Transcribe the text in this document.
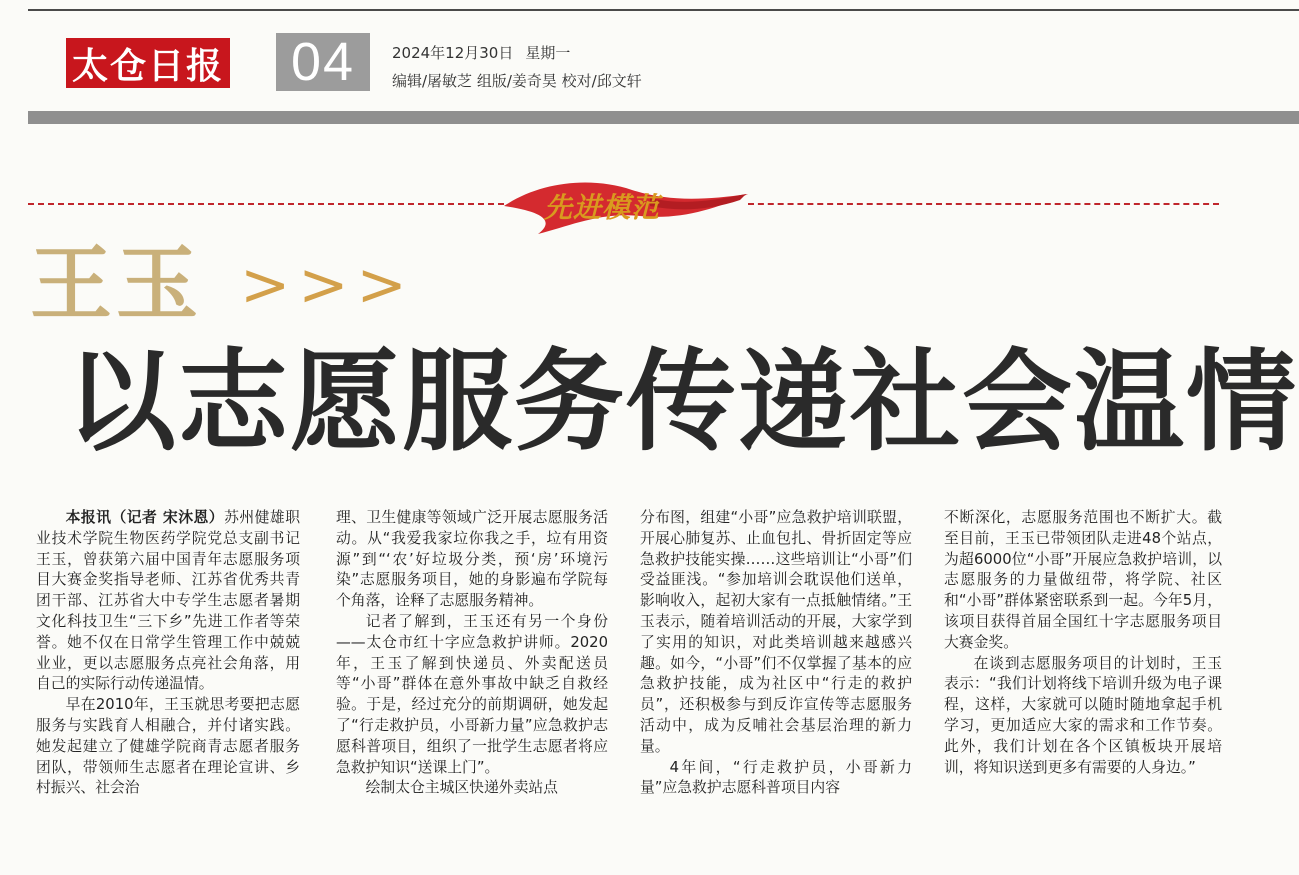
太仓日报 04	2024年12月30日 星期一
编辑/屠敏芝 组版/姜奇昊 校对/邱文轩
先进模范
王玉 >>>
以志愿服务传递社会温情

本报讯（记者 宋沐恩）苏州健雄职业技术学院生物医药学院党总支副书记王玉，曾获第六届中国青年志愿服务项目大赛金奖指导老师、江苏省优秀共青团干部、江苏省大中专学生志愿者暑期文化科技卫生“三下乡”先进工作者等荣誉。她不仅在日常学生管理工作中兢兢业业，更以志愿服务点亮社会角落，用自己的实际行动传递温情。

早在2010年，王玉就思考要把志愿服务与实践育人相融合，并付诸实践。她发起建立了健雄学院商青志愿者服务团队，带领师生志愿者在理论宣讲、乡村振兴、社会治

理、卫生健康等领域广泛开展志愿服务活动。从“我爱我家垃你我之手，垃有用资源”到“‘农’好垃圾分类，预‘房’环境污染”志愿服务项目，她的身影遍布学院每个角落，诠释了志愿服务精神。

记者了解到，王玉还有另一个身份——太仓市红十字应急救护讲师。2020年，王玉了解到快递员、外卖配送员等“小哥”群体在意外事故中缺乏自救经验。于是，经过充分的前期调研，她发起了“行走救护员，小哥新力量”应急救护志愿科普项目，组织了一批学生志愿者将应急救护知识“送课上门”。

绘制太仓主城区快递外卖站点

分布图，组建“小哥”应急救护培训联盟，开展心肺复苏、止血包扎、骨折固定等应急救护技能实操……这些培训让“小哥”们受益匪浅。“参加培训会耽误他们送单，影响收入，起初大家有一点抵触情绪。”王玉表示，随着培训活动的开展，大家学到了实用的知识，对此类培训越来越感兴趣。如今，“小哥”们不仅掌握了基本的应急救护技能，成为社区中“行走的救护员”，还积极参与到反诈宣传等志愿服务活动中，成为反哺社会基层治理的新力量。

4年间，“行走救护员，小哥新力量”应急救护志愿科普项目内容

不断深化，志愿服务范围也不断扩大。截至目前，王玉已带领团队走进48个站点，为超6000位“小哥”开展应急救护培训，以志愿服务的力量做纽带，将学院、社区和“小哥”群体紧密联系到一起。今年5月，该项目获得首届全国红十字志愿服务项目大赛金奖。

在谈到志愿服务项目的计划时，王玉表示：“我们计划将线下培训升级为电子课程，这样，大家就可以随时随地拿起手机学习，更加适应大家的需求和工作节奏。此外，我们计划在各个区镇板块开展培训，将知识送到更多有需要的人身边。”
